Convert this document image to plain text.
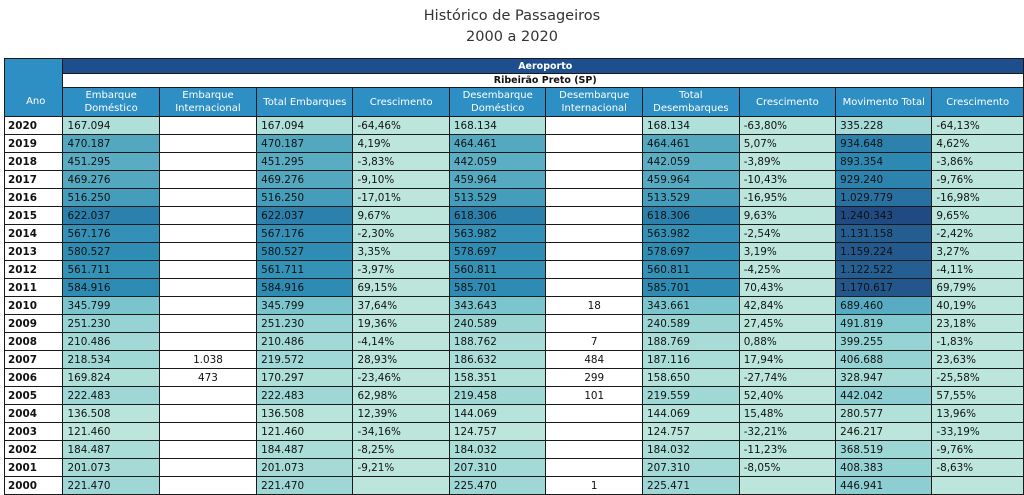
Histórico de Passageiros
2000 a 2020
Ano	Aeroporto									
	Ribeirão Preto (SP)									
	Embarque Doméstico	Embarque Internacional	Total Embarques	Crescimento	Desembarque Doméstico	Desembarque Internacional	Total Desembarques	Crescimento	Movimento Total	Crescimento
2020	167.094		167.094	-64,46%	168.134		168.134	-63,80%	335.228	-64,13%
2019	470.187		470.187	4,19%	464.461		464.461	5,07%	934.648	4,62%
2018	451.295		451.295	-3,83%	442.059		442.059	-3,89%	893.354	-3,86%
2017	469.276		469.276	-9,10%	459.964		459.964	-10,43%	929.240	-9,76%
2016	516.250		516.250	-17,01%	513.529		513.529	-16,95%	1.029.779	-16,98%
2015	622.037		622.037	9,67%	618.306		618.306	9,63%	1.240.343	9,65%
2014	567.176		567.176	-2,30%	563.982		563.982	-2,54%	1.131.158	-2,42%
2013	580.527		580.527	3,35%	578.697		578.697	3,19%	1.159.224	3,27%
2012	561.711		561.711	-3,97%	560.811		560.811	-4,25%	1.122.522	-4,11%
2011	584.916		584.916	69,15%	585.701		585.701	70,43%	1.170.617	69,79%
2010	345.799		345.799	37,64%	343.643	18	343.661	42,84%	689.460	40,19%
2009	251.230		251.230	19,36%	240.589		240.589	27,45%	491.819	23,18%
2008	210.486		210.486	-4,14%	188.762	7	188.769	0,88%	399.255	-1,83%
2007	218.534	1.038	219.572	28,93%	186.632	484	187.116	17,94%	406.688	23,63%
2006	169.824	473	170.297	-23,46%	158.351	299	158.650	-27,74%	328.947	-25,58%
2005	222.483		222.483	62,98%	219.458	101	219.559	52,40%	442.042	57,55%
2004	136.508		136.508	12,39%	144.069		144.069	15,48%	280.577	13,96%
2003	121.460		121.460	-34,16%	124.757		124.757	-32,21%	246.217	-33,19%
2002	184.487		184.487	-8,25%	184.032		184.032	-11,23%	368.519	-9,76%
2001	201.073		201.073	-9,21%	207.310		207.310	-8,05%	408.383	-8,63%
2000	221.470		221.470		225.470	1	225.471		446.941	
